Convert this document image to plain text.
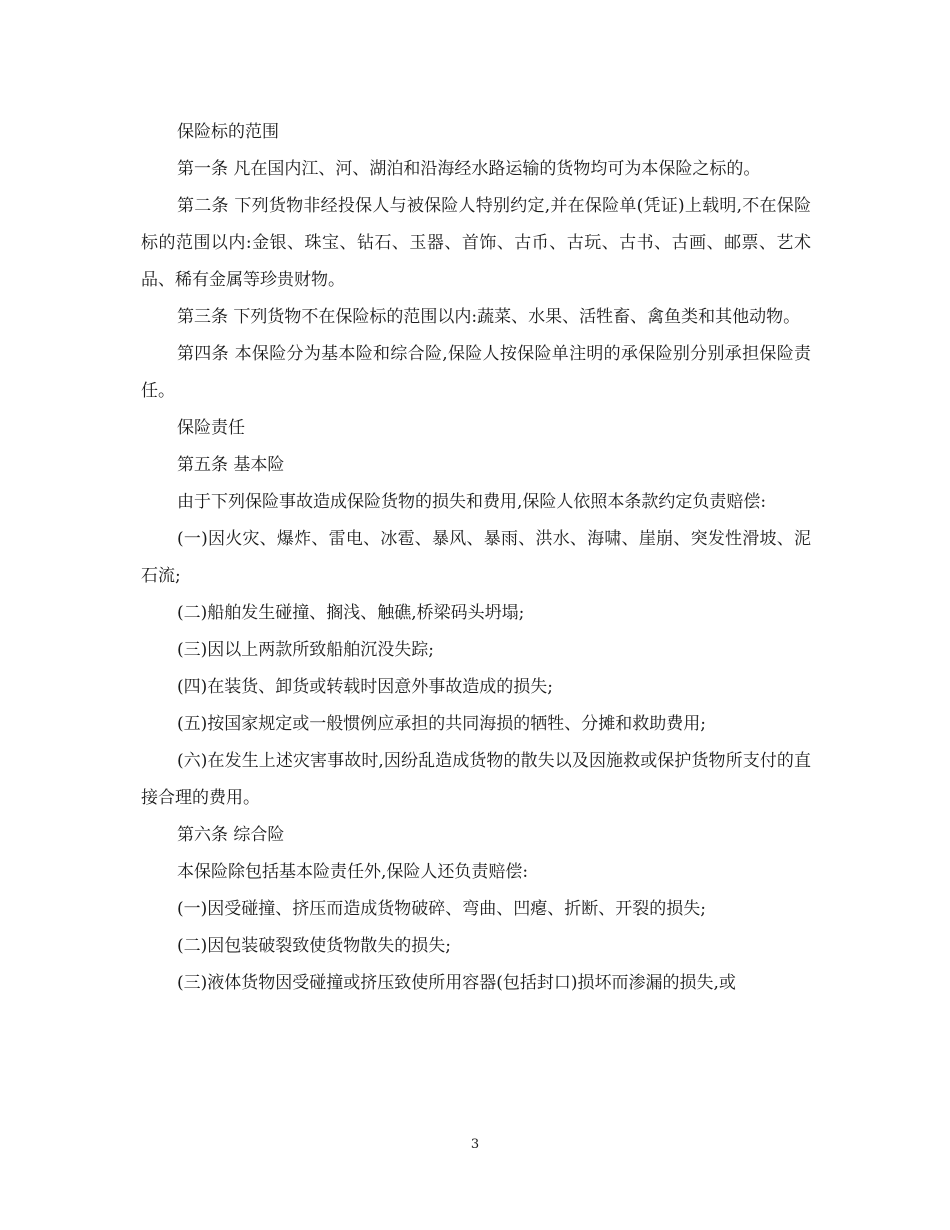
保险标的范围

第一条 凡在国内江、河、湖泊和沿海经水路运输的货物均可为本保险之标的。

第二条 下列货物非经投保人与被保险人特别约定,并在保险单(凭证)上载明,不在保险标的范围以内:金银、珠宝、钻石、玉器、首饰、古币、古玩、古书、古画、邮票、艺术品、稀有金属等珍贵财物。

第三条 下列货物不在保险标的范围以内:蔬菜、水果、活牲畜、禽鱼类和其他动物。

第四条 本保险分为基本险和综合险,保险人按保险单注明的承保险别分别承担保险责任。

保险责任

第五条 基本险

由于下列保险事故造成保险货物的损失和费用,保险人依照本条款约定负责赔偿:

(一)因火灾、爆炸、雷电、冰雹、暴风、暴雨、洪水、海啸、崖崩、突发性滑坡、泥石流;

(二)船舶发生碰撞、搁浅、触礁,桥梁码头坍塌;

(三)因以上两款所致船舶沉没失踪;

(四)在装货、卸货或转载时因意外事故造成的损失;

(五)按国家规定或一般惯例应承担的共同海损的牺牲、分摊和救助费用;

(六)在发生上述灾害事故时,因纷乱造成货物的散失以及因施救或保护货物所支付的直接合理的费用。

第六条 综合险

本保险除包括基本险责任外,保险人还负责赔偿:

(一)因受碰撞、挤压而造成货物破碎、弯曲、凹瘪、折断、开裂的损失;

(二)因包装破裂致使货物散失的损失;

(三)液体货物因受碰撞或挤压致使所用容器(包括封口)损坏而渗漏的损失,或

3
